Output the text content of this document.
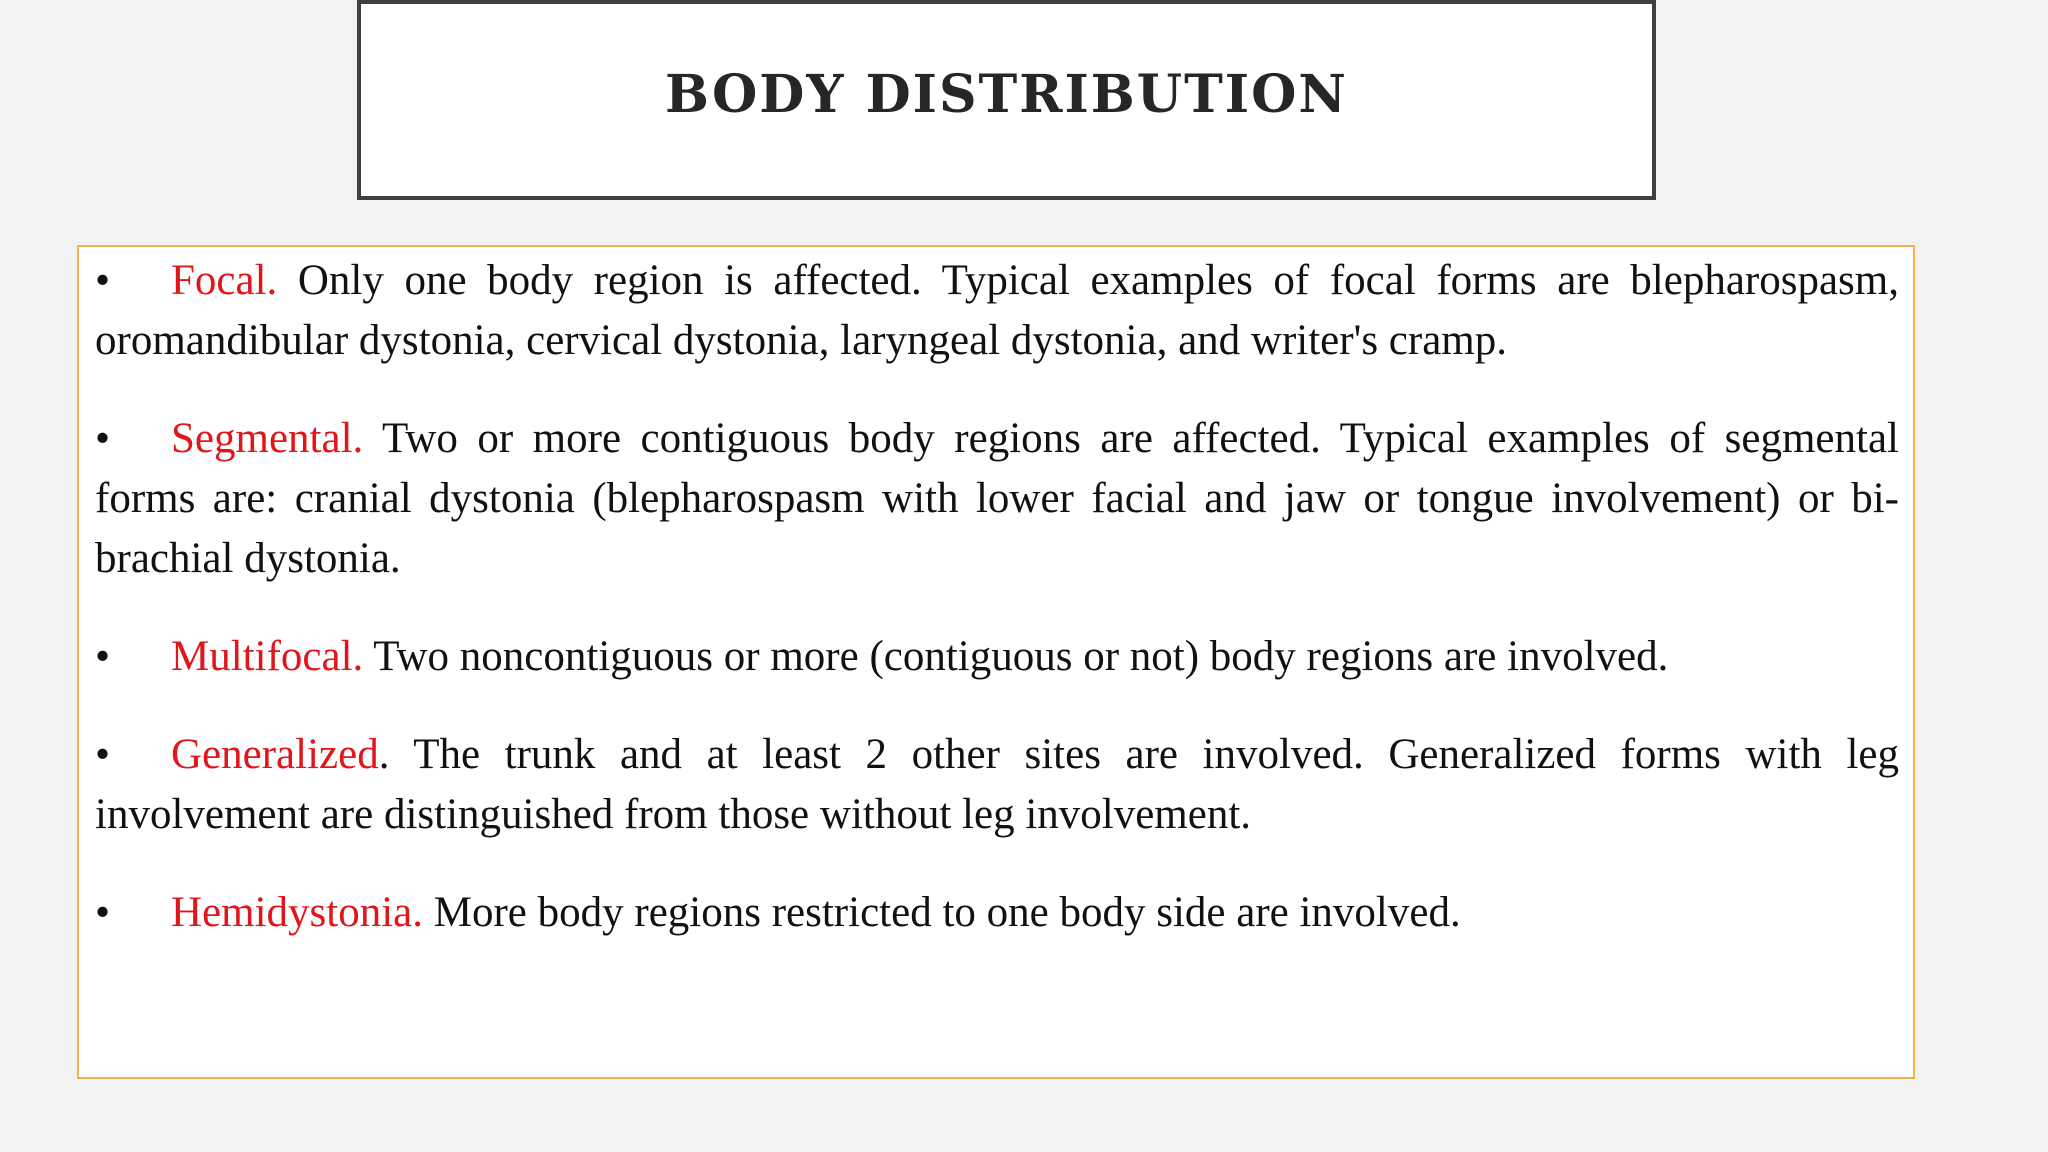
BODY DISTRIBUTION

• Focal. Only one body region is affected. Typical examples of focal forms are blepharospasm, oromandibular dystonia, cervical dystonia, laryngeal dystonia, and writer's cramp.

• Segmental. Two or more contiguous body regions are affected. Typical examples of segmental forms are: cranial dystonia (blepharospasm with lower facial and jaw or tongue involvement) or bi-brachial dystonia.

• Multifocal. Two noncontiguous or more (contiguous or not) body regions are involved.

• Generalized. The trunk and at least 2 other sites are involved. Generalized forms with leg involvement are distinguished from those without leg involvement.

• Hemidystonia. More body regions restricted to one body side are involved.
